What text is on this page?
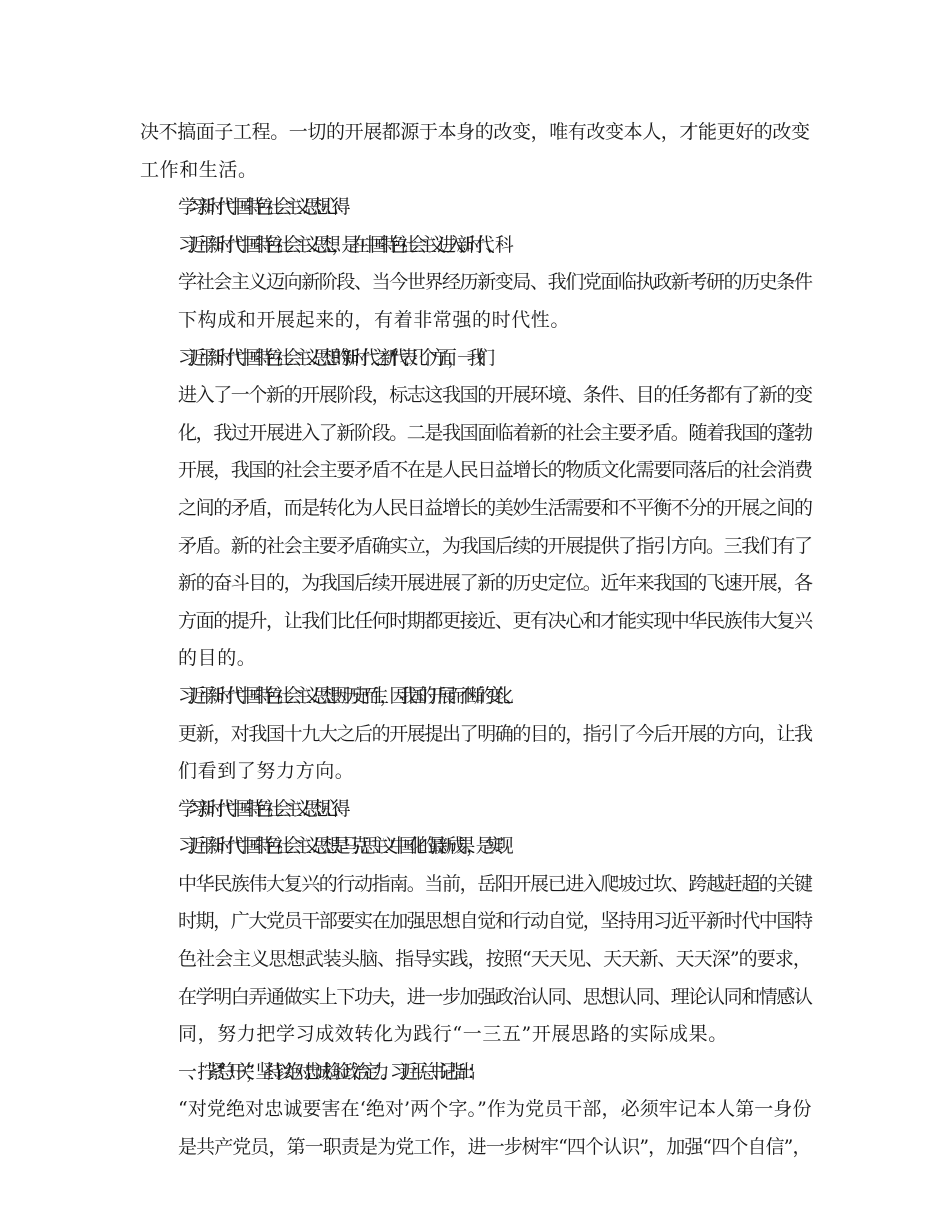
决不搞面子工程。一切的开展都源于本身的改变，唯有改变本人，才能更好的改变
工作和生活。

学习新时代中国特色社会主义思想心得

习近平新时代中国特色社会主义思想，是在中国特色社会主义进入新时代、科
学社会主义迈向新阶段、当今世界经历新变局、我们党面临执政新考研的历史条件
下构成和开展起来的，有着非常强的时代性。

习近平新时代中国特色社会主义思想的“新时代之新”代表几个方面，一我们
进入了一个新的开展阶段，标志这我国的开展环境、条件、目的任务都有了新的变
化，我过开展进入了新阶段。二是我国面临着新的社会主要矛盾。随着我国的蓬勃
开展，我国的社会主要矛盾不在是人民日益增长的物质文化需要同落后的社会消费
之间的矛盾，而是转化为人民日益增长的美妙生活需要和不平衡不分的开展之间的
矛盾。新的社会主要矛盾确实立，为我国后续的开展提供了指引方向。三我们有了
新的奋斗目的，为我国后续开展进展了新的历史定位。近年来我国的飞速开展，各
方面的提升，让我们比任何时期都更接近、更有决心和才能实现中华民族伟大复兴
的目的。

习近平新时代中国特色社会主义思想因历史而生，因我国的开展而不断的变化、
更新，对我国十九大之后的开展提出了明确的目的，指引了今后开展的方向，让我
们看到了努力方向。

学习新时代中国特色社会主义思想心得

习近平新时代中国特色社会主义思想是马克思主义中国化的最新成果，是实现
中华民族伟大复兴的行动指南。当前，岳阳开展已进入爬坡过坎、跨越赶超的关键
时期，广大党员干部要实在加强思想自觉和行动自觉，坚持用习近平新时代中国特
色社会主义思想武装头脑、指导实践，按照“天天见、天天新、天天深”的要求，
在学明白弄通做实上下功夫，进一步加强政治认同、思想认同、理论认同和情感认
同，努力把学习成效转化为践行“一三五”开展思路的实际成果。

一、拧紧“总开关”，坚持以绝对忠诚检验政治定力。习近平总书记指出：
“对党绝对忠诚要害在‘绝对’两个字。”作为党员干部，必须牢记本人第一身份
是共产党员，第一职责是为党工作，进一步树牢“四个认识”，加强“四个自信”，
